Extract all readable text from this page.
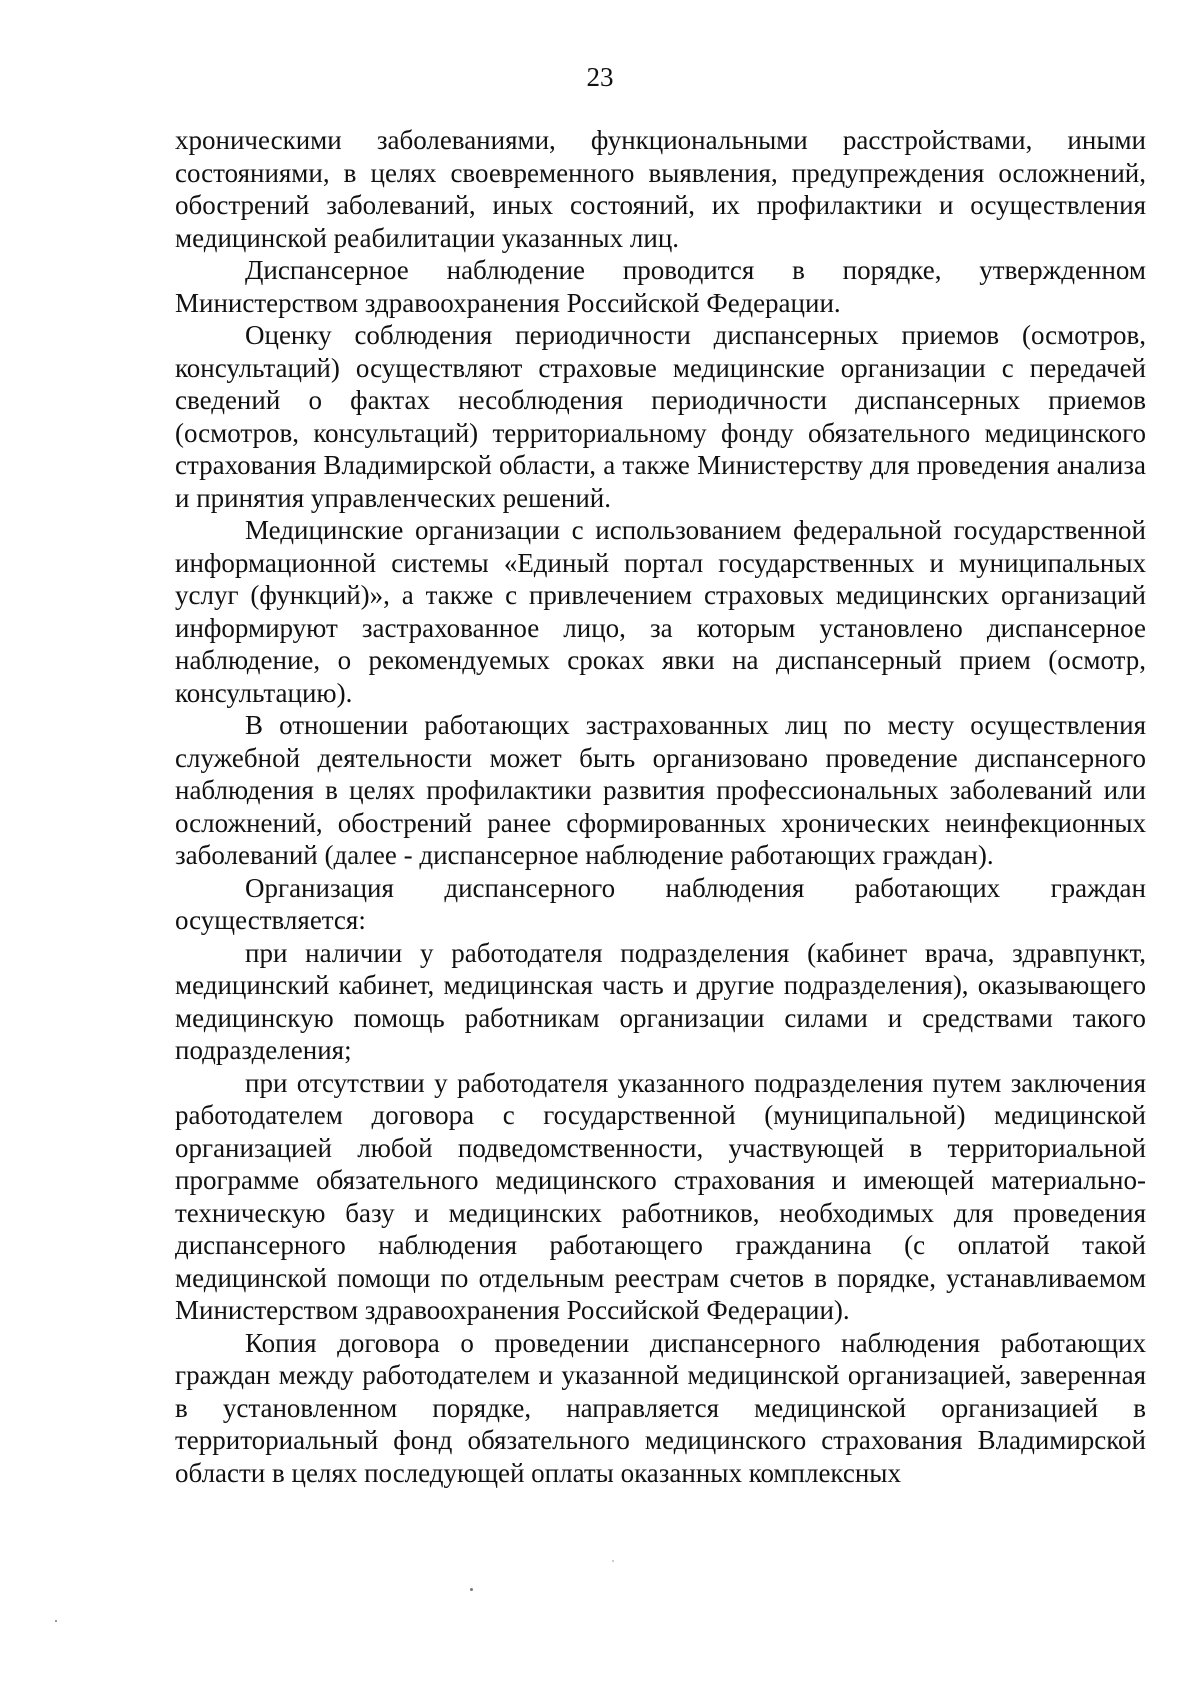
23

хроническими заболеваниями, функциональными расстройствами, иными состояниями, в целях своевременного выявления, предупреждения осложнений, обострений заболеваний, иных состояний, их профилактики и осуществления медицинской реабилитации указанных лиц.

Диспансерное наблюдение проводится в порядке, утвержденном Министерством здравоохранения Российской Федерации.

Оценку соблюдения периодичности диспансерных приемов (осмотров, консультаций) осуществляют страховые медицинские организации с передачей сведений о фактах несоблюдения периодичности диспансерных приемов (осмотров, консультаций) территориальному фонду обязательного медицинского страхования Владимирской области, а также Министерству для проведения анализа и принятия управленческих решений.

Медицинские организации с использованием федеральной государственной информационной системы «Единый портал государственных и муниципальных услуг (функций)», а также с привлечением страховых медицинских организаций информируют застрахованное лицо, за которым установлено диспансерное наблюдение, о рекомендуемых сроках явки на диспансерный прием (осмотр, консультацию).

В отношении работающих застрахованных лиц по месту осуществления служебной деятельности может быть организовано проведение диспансерного наблюдения в целях профилактики развития профессиональных заболеваний или осложнений, обострений ранее сформированных хронических неинфекционных заболеваний (далее - диспансерное наблюдение работающих граждан).

Организация диспансерного наблюдения работающих граждан осуществляется:

при наличии у работодателя подразделения (кабинет врача, здравпункт, медицинский кабинет, медицинская часть и другие подразделения), оказывающего медицинскую помощь работникам организации силами и средствами такого подразделения;

при отсутствии у работодателя указанного подразделения путем заключения работодателем договора с государственной (муниципальной) медицинской организацией любой подведомственности, участвующей в территориальной программе обязательного медицинского страхования и имеющей материально-техническую базу и медицинских работников, необходимых для проведения диспансерного наблюдения работающего гражданина (с оплатой такой медицинской помощи по отдельным реестрам счетов в порядке, устанавливаемом Министерством здравоохранения Российской Федерации).

Копия договора о проведении диспансерного наблюдения работающих граждан между работодателем и указанной медицинской организацией, заверенная в установленном порядке, направляется медицинской организацией в территориальный фонд обязательного медицинского страхования Владимирской области в целях последующей оплаты оказанных комплексных
